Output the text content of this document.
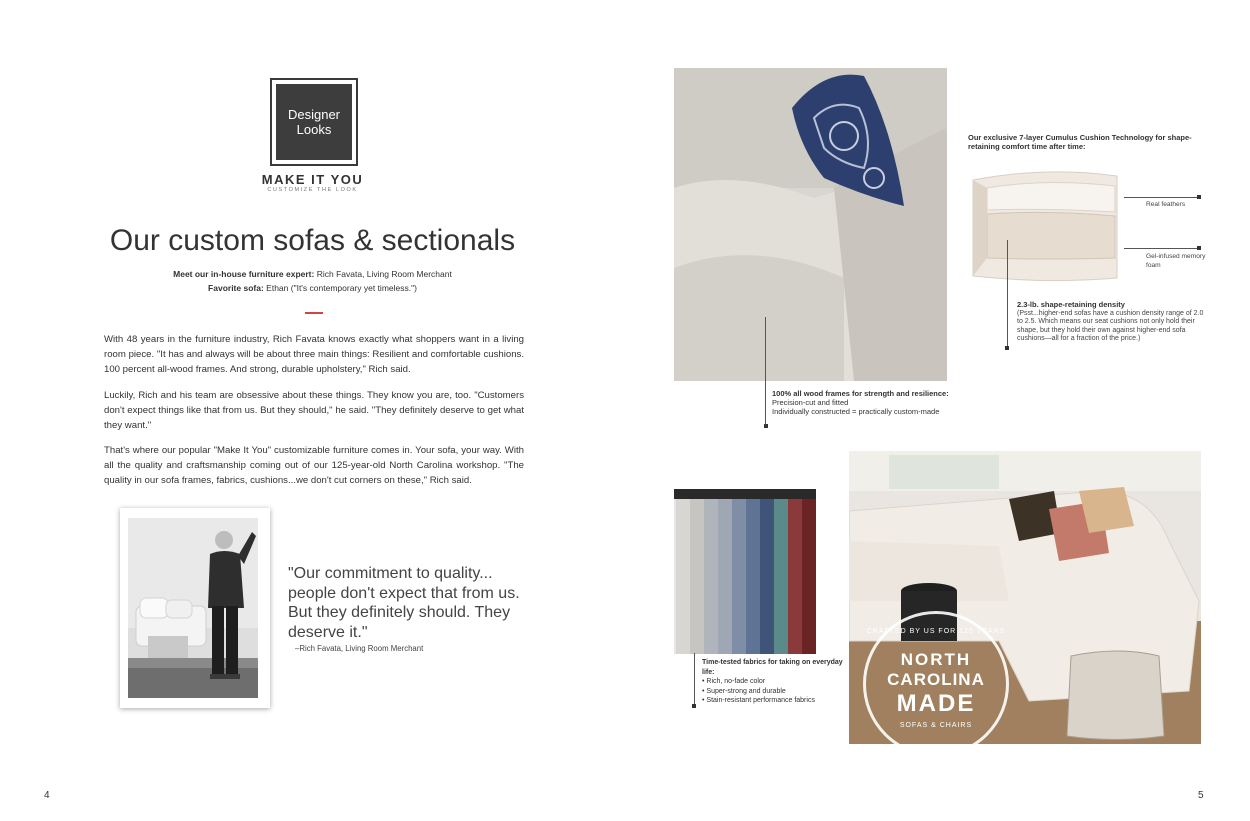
Designer
Looks
MAKE IT YOU
CUSTOMIZE THE LOOK
Our custom sofas & sectionals
Meet our in-house furniture expert: Rich Favata, Living Room Merchant
Favorite sofa: Ethan ("It's contemporary yet timeless.")
With 48 years in the furniture industry, Rich Favata knows exactly what shoppers want in a living room piece. "It has and always will be about three main things: Resilient and comfortable cushions. 100 percent all-wood frames. And strong, durable upholstery," Rich said.
Luckily, Rich and his team are obsessive about these things. They know you are, too. "Customers don't expect things like that from us. But they should," he said. "They definitely deserve to get what they want."
That's where our popular "Make It You" customizable furniture comes in. Your sofa, your way. With all the quality and craftsmanship coming out of our 125-year-old North Carolina workshop. "The quality in our sofa frames, fabrics, cushions...we don't cut corners on these," Rich said.
"Our commitment to quality... people don't expect that from us. But they definitely should. They deserve it."
–Rich Favata, Living Room Merchant
4
100% all wood frames for strength and resilience:
Precision-cut and fitted
Individually constructed = practically custom-made
Our exclusive 7-layer Cumulus Cushion Technology for shape-retaining comfort time after time:
Real feathers
Gel-infused memory foam
2.3-lb. shape-retaining density
(Psst...higher-end sofas have a cushion density range of 2.0 to 2.5. Which means our seat cushions not only hold their shape, but they hold their own against higher-end sofa cushions—all for a fraction of the price.)
Time-tested fabrics for taking on everyday life:
• Rich, no-fade color
• Super-strong and durable
• Stain-resistant performance fabrics
CRAFTED BY US FOR 125 YEARS
NORTH
CAROLINA
MADE
SOFAS & CHAIRS
5
